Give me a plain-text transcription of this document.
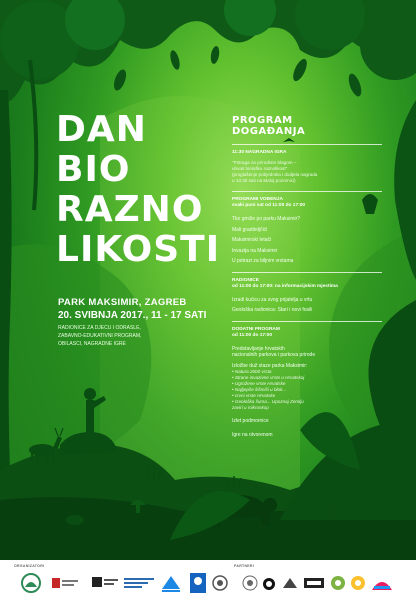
DAN
BIO
RAZNO
LIKOSTI
PARK MAKSIMIR, ZAGREB
20. SVIBNJA 2017., 11 - 17 SATI
RADIONICE ZA DJECU I ODRASLE, ZABAVNO-EDUKATIVNI PROGRAM, OBILASCI, NAGRADNE IGRE
PROGRAM
DOGAĐANJA
11:30 NAGRADNA IGRA
"Potraga za prirodnim blagom –
uhvati biološku raznolikost"
(proglašenje pobjednika i dodjela nagrada
u 13:30 sati na Maloj pozornici)
PROGRAMI VOĐENJA
svaki puni sat od 11:00 do 17:00
Tko gmiže po parku Maksimir?
Mali graditeljčići
Maksimirski letači
Invazija na Maksimir
U potrazi za biljnim vrstama
RADIONICE
od 11:00 do 17:00: na informacijskim mjestima
Izradi kućicu za svog prijatelja u vrtu
Geološka radionica: Stari i novi fosili
DODATNI PROGRAM
od 11:00 do 17:00
Predstavljanje hrvatskih
nacionalnih parkova i parkova prirode
Izložbe duž staze parka Maksimir:
• Natura 2000 vrsta
• Strane invazivne vrste u Hrvatskoj
• Ugrožene vrste Hrvatske
• Najljepše šišmiši u blok...
• crvni vrste Hrvatske
• Geološka šuma... Upoznaj Zemlju
zavirі u mikroskop
Izlet podmornice
Igre na otvorenom
ORGANIZATORI	PARTNERI
